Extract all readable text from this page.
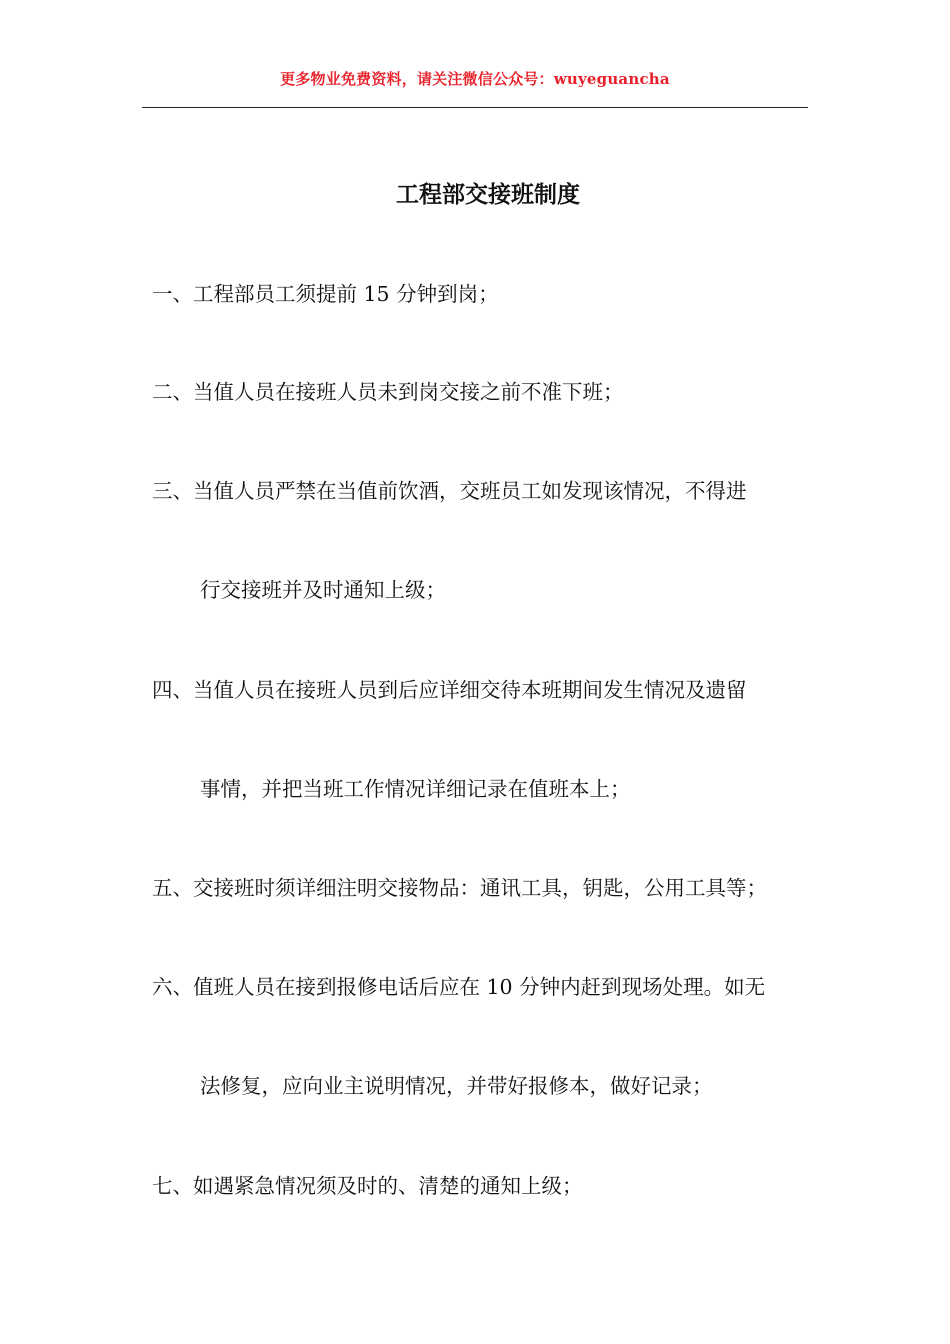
更多物业免费资料，请关注微信公众号：wuyeguancha
工程部交接班制度
一、工程部员工须提前 15 分钟到岗；
二、当值人员在接班人员未到岗交接之前不准下班；
三、当值人员严禁在当值前饮酒，交班员工如发现该情况，不得进
行交接班并及时通知上级；
四、当值人员在接班人员到后应详细交待本班期间发生情况及遗留
事情，并把当班工作情况详细记录在值班本上；
五、交接班时须详细注明交接物品：通讯工具，钥匙，公用工具等；
六、值班人员在接到报修电话后应在 10 分钟内赶到现场处理。如无
法修复，应向业主说明情况，并带好报修本，做好记录；
七、如遇紧急情况须及时的、清楚的通知上级；
